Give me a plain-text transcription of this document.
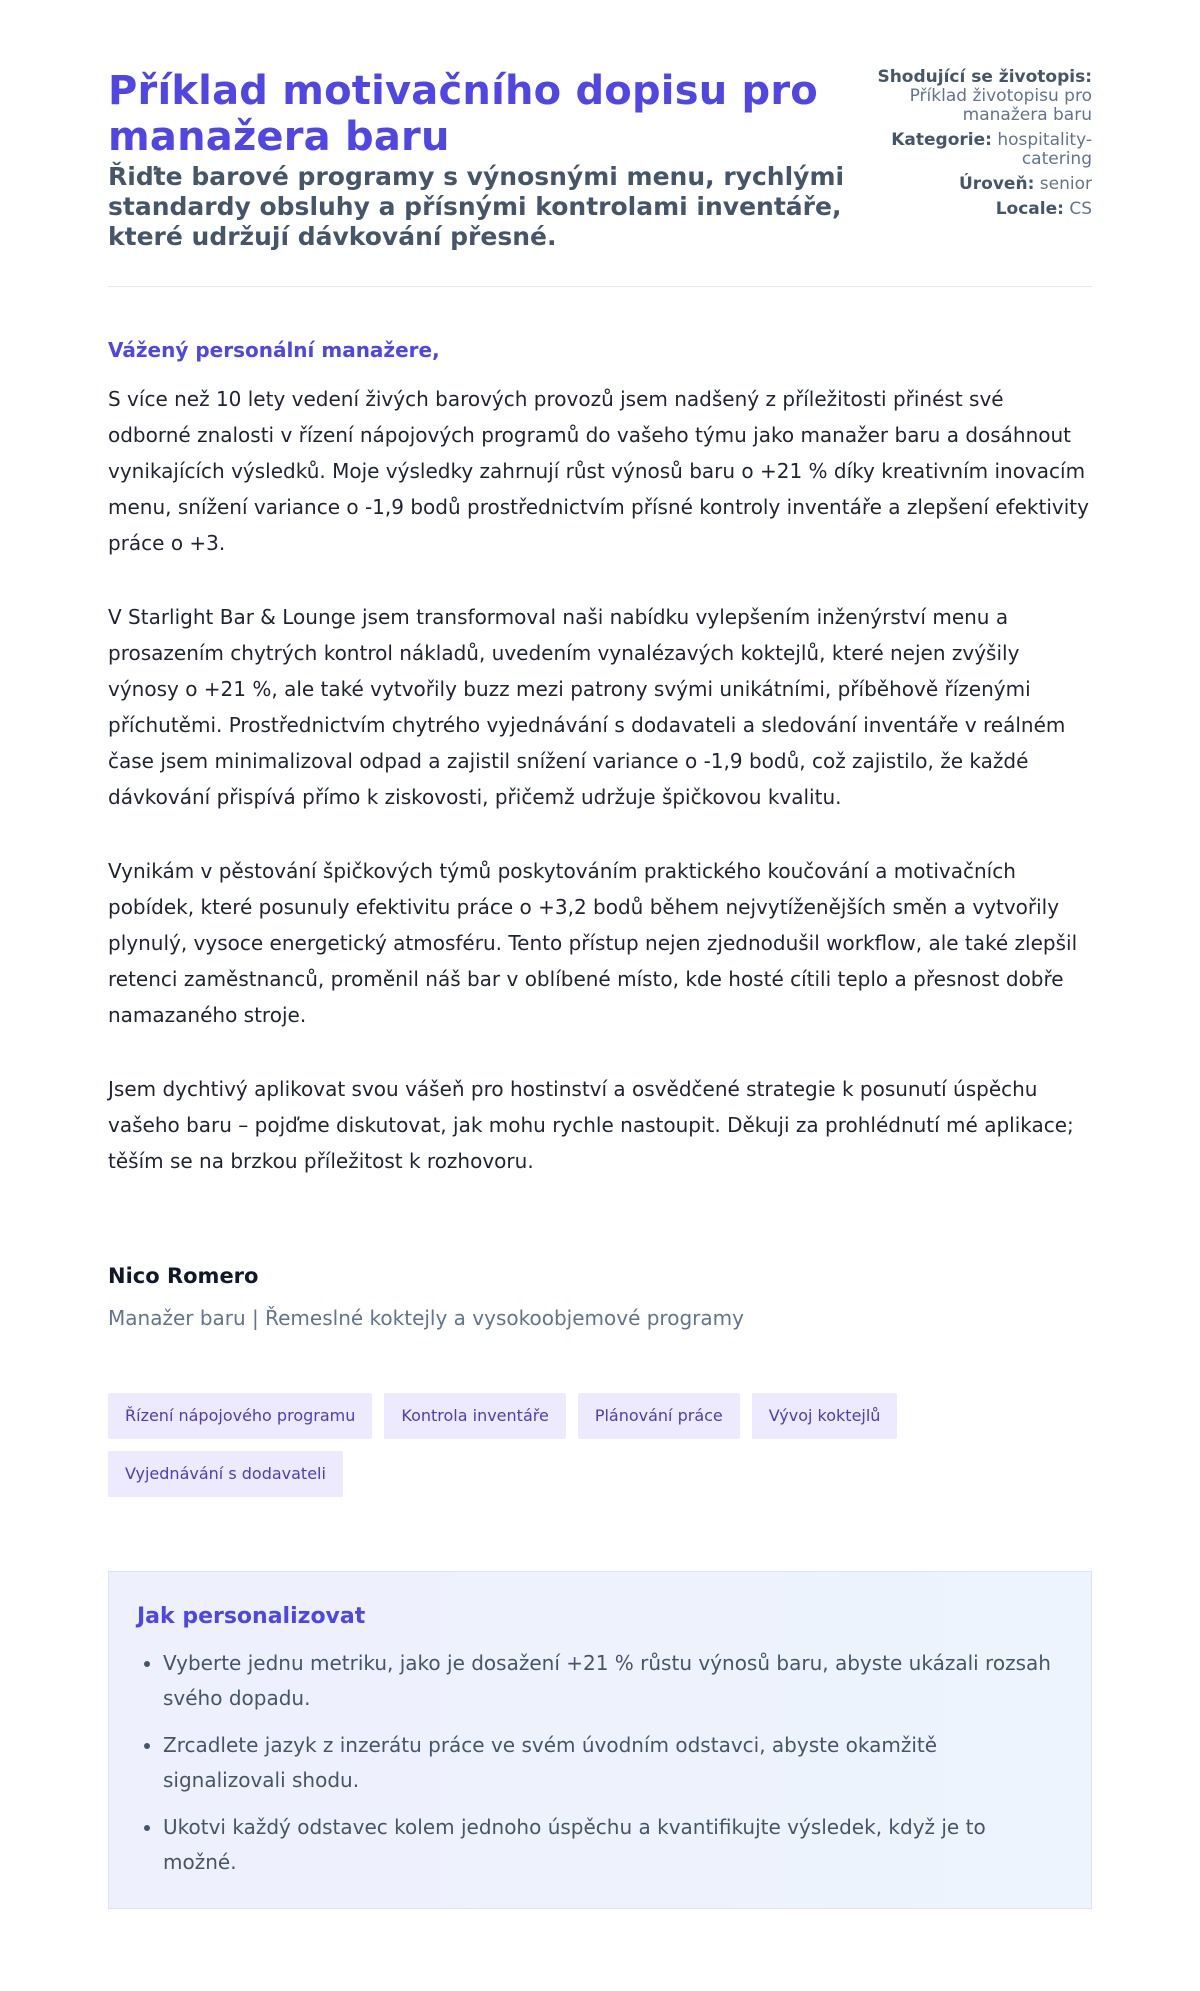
Příklad motivačního dopisu pro manažera baru
Řiďte barové programy s výnosnými menu, rychlými standardy obsluhy a přísnými kontrolami inventáře, které udržují dávkování přesné.
Shodující se životopis: Příklad životopisu pro manažera baru
Kategorie: hospitality-catering
Úroveň: senior
Locale: CS

Vážený personální manažere,

S více než 10 lety vedení živých barových provozů jsem nadšený z příležitosti přinést své odborné znalosti v řízení nápojových programů do vašeho týmu jako manažer baru a dosáhnout vynikajících výsledků. Moje výsledky zahrnují růst výnosů baru o +21 % díky kreativním inovacím menu, snížení variance o -1,9 bodů prostřednictvím přísné kontroly inventáře a zlepšení efektivity práce o +3.

V Starlight Bar & Lounge jsem transformoval naši nabídku vylepšením inženýrství menu a prosazením chytrých kontrol nákladů, uvedením vynalézavých koktejlů, které nejen zvýšily výnosy o +21 %, ale také vytvořily buzz mezi patrony svými unikátními, příběhově řízenými příchutěmi. Prostřednictvím chytrého vyjednávání s dodavateli a sledování inventáře v reálném čase jsem minimalizoval odpad a zajistil snížení variance o -1,9 bodů, což zajistilo, že každé dávkování přispívá přímo k ziskovosti, přičemž udržuje špičkovou kvalitu.

Vynikám v pěstování špičkových týmů poskytováním praktického koučování a motivačních pobídek, které posunuly efektivitu práce o +3,2 bodů během nejvytíženějších směn a vytvořily plynulý, vysoce energetický atmosféru. Tento přístup nejen zjednodušil workflow, ale také zlepšil retenci zaměstnanců, proměnil náš bar v oblíbené místo, kde hosté cítili teplo a přesnost dobře namazaného stroje.

Jsem dychtivý aplikovat svou vášeň pro hostinství a osvědčené strategie k posunutí úspěchu vašeho baru – pojďme diskutovat, jak mohu rychle nastoupit. Děkuji za prohlédnutí mé aplikace; těším se na brzkou příležitost k rozhovoru.

Nico Romero

Manažer baru | Řemeslné koktejly a vysokoobjemové programy

Řízení nápojového programu	Kontrola inventáře	Plánování práce	Vývoj koktejlů
Vyjednávání s dodavateli
Jak personalizovat
• Vyberte jednu metriku, jako je dosažení +21 % růstu výnosů baru, abyste ukázali rozsah svého dopadu.
• Zrcadlete jazyk z inzerátu práce ve svém úvodním odstavci, abyste okamžitě signalizovali shodu.
• Ukotvi každý odstavec kolem jednoho úspěchu a kvantifikujte výsledek, když je to možné.
